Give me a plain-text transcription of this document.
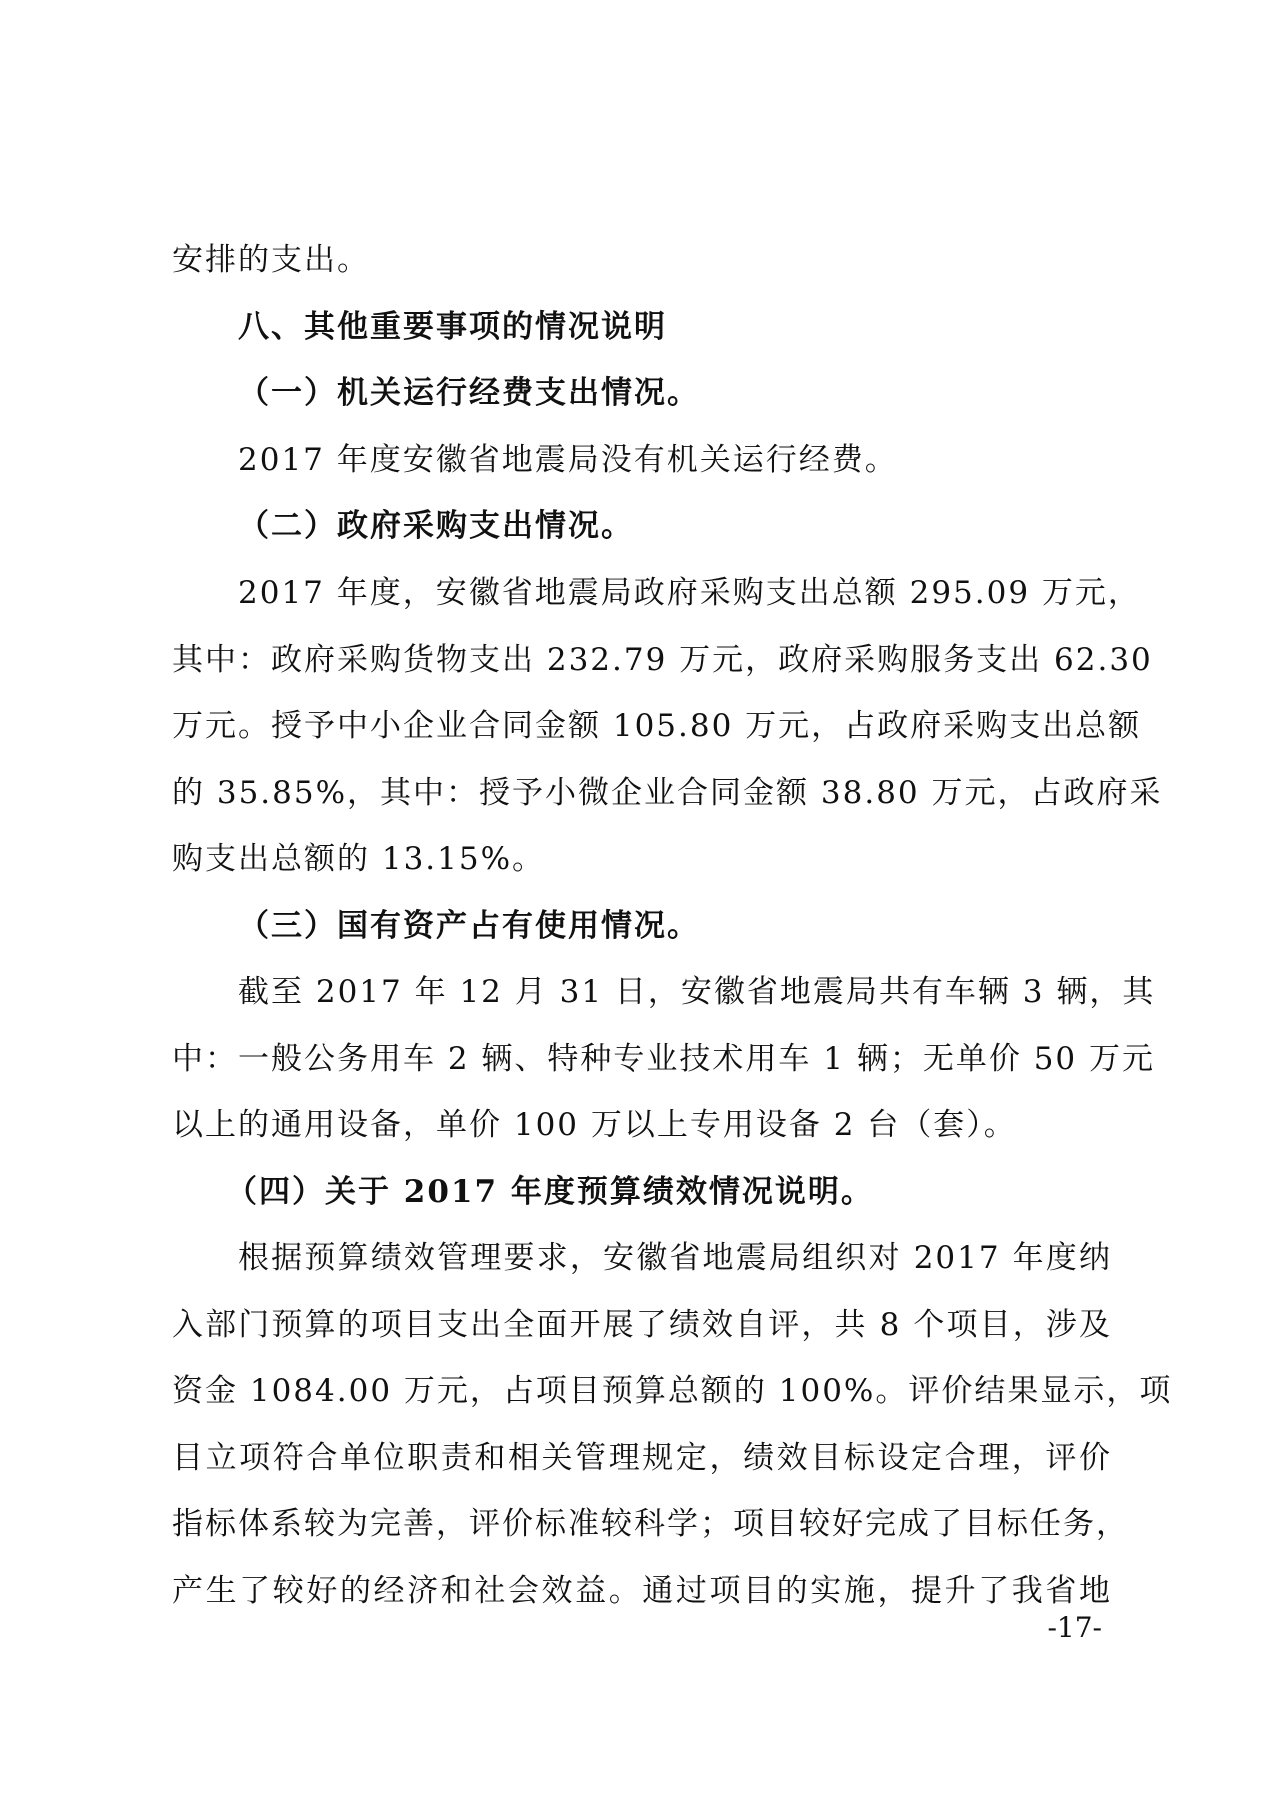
安排的支出。
八、其他重要事项的情况说明
（一）机关运行经费支出情况。
2017 年度安徽省地震局没有机关运行经费。
（二）政府采购支出情况。
2017 年度，安徽省地震局政府采购支出总额 295.09 万元，
其中：政府采购货物支出 232.79 万元，政府采购服务支出 62.30
万元。授予中小企业合同金额 105.80 万元，占政府采购支出总额
的 35.85%，其中：授予小微企业合同金额 38.80 万元，占政府采
购支出总额的 13.15%。
（三）国有资产占有使用情况。
截至 2017 年 12 月 31 日，安徽省地震局共有车辆 3 辆，其
中：一般公务用车 2 辆、特种专业技术用车 1 辆；无单价 50 万元
以上的通用设备，单价 100 万以上专用设备 2 台（套）。
（四）关于 2017 年度预算绩效情况说明。
根据预算绩效管理要求，安徽省地震局组织对 2017 年度纳
入部门预算的项目支出全面开展了绩效自评，共 8 个项目，涉及
资金 1084.00 万元，占项目预算总额的 100%。评价结果显示，项
目立项符合单位职责和相关管理规定，绩效目标设定合理，评价
指标体系较为完善，评价标准较科学；项目较好完成了目标任务，
产生了较好的经济和社会效益。通过项目的实施，提升了我省地
-17-
